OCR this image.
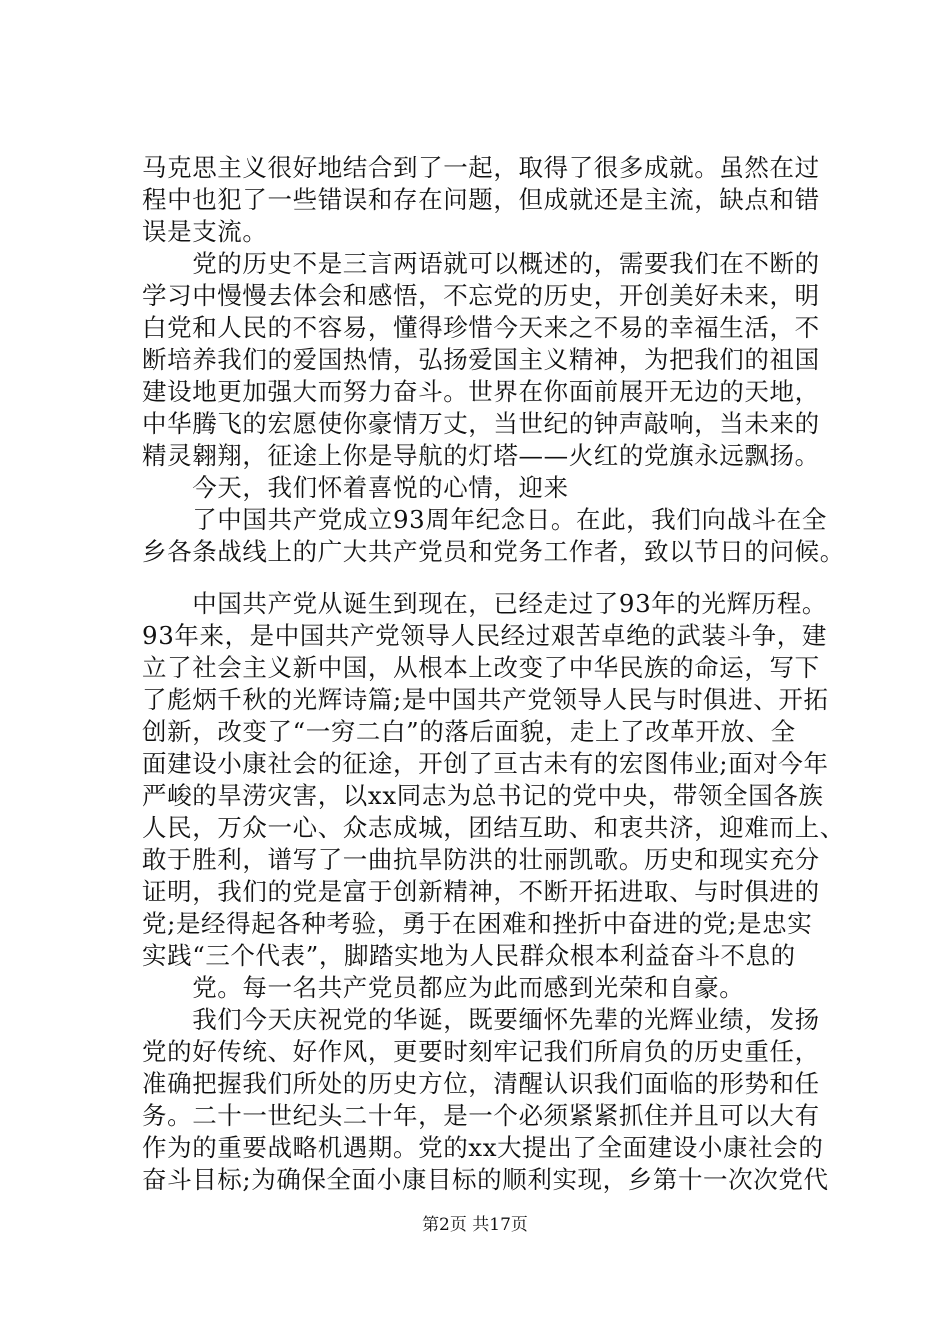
马克思主义很好地结合到了一起，取得了很多成就。虽然在过
程中也犯了一些错误和存在问题，但成就还是主流，缺点和错
误是支流。
　　党的历史不是三言两语就可以概述的，需要我们在不断的
学习中慢慢去体会和感悟，不忘党的历史，开创美好未来，明
白党和人民的不容易，懂得珍惜今天来之不易的幸福生活，不
断培养我们的爱国热情，弘扬爱国主义精神，为把我们的祖国
建设地更加强大而努力奋斗。世界在你面前展开无边的天地，
中华腾飞的宏愿使你豪情万丈，当世纪的钟声敲响，当未来的
精灵翱翔，征途上你是导航的灯塔——火红的党旗永远飘扬。
　　今天，我们怀着喜悦的心情，迎来
　　了中国共产党成立93周年纪念日。在此，我们向战斗在全
乡各条战线上的广大共产党员和党务工作者，致以节日的问候。
　　中国共产党从诞生到现在，已经走过了93年的光辉历程。
93年来，是中国共产党领导人民经过艰苦卓绝的武装斗争，建
立了社会主义新中国，从根本上改变了中华民族的命运，写下
了彪炳千秋的光辉诗篇;是中国共产党领导人民与时俱进、开拓
创新，改变了“一穷二白”的落后面貌，走上了改革开放、全
面建设小康社会的征途，开创了亘古未有的宏图伟业;面对今年
严峻的旱涝灾害，以xx同志为总书记的党中央，带领全国各族
人民，万众一心、众志成城，团结互助、和衷共济，迎难而上、
敢于胜利，谱写了一曲抗旱防洪的壮丽凯歌。历史和现实充分
证明，我们的党是富于创新精神，不断开拓进取、与时俱进的
党;是经得起各种考验，勇于在困难和挫折中奋进的党;是忠实
实践“三个代表”，脚踏实地为人民群众根本利益奋斗不息的
　　党。每一名共产党员都应为此而感到光荣和自豪。
　　我们今天庆祝党的华诞，既要缅怀先辈的光辉业绩，发扬
党的好传统、好作风，更要时刻牢记我们所肩负的历史重任，
准确把握我们所处的历史方位，清醒认识我们面临的形势和任
务。二十一世纪头二十年，是一个必须紧紧抓住并且可以大有
作为的重要战略机遇期。党的xx大提出了全面建设小康社会的
奋斗目标;为确保全面小康目标的顺利实现，乡第十一次次党代
第2页 共17页
